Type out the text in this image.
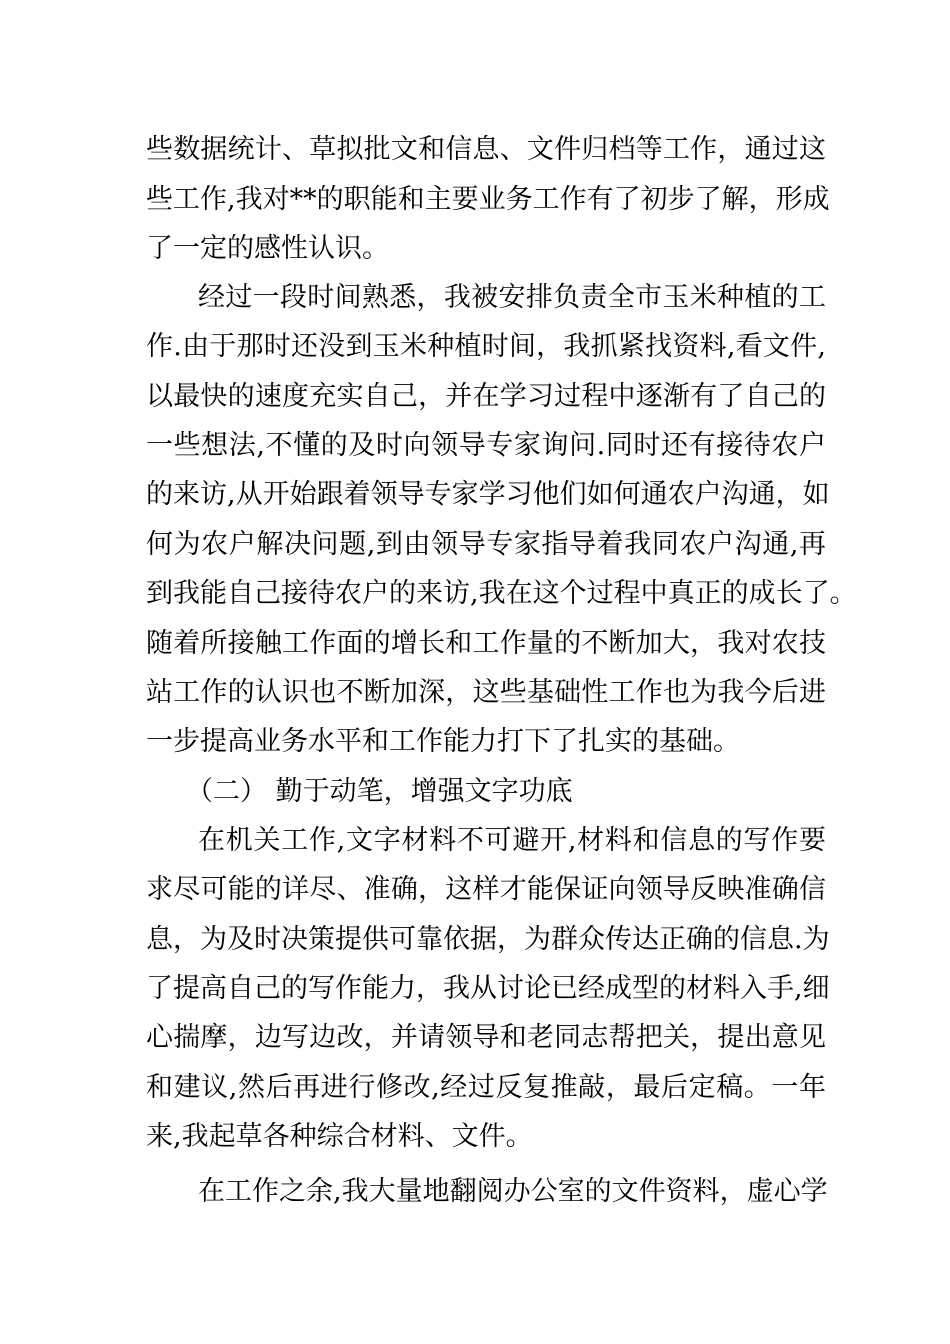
些数据统计、草拟批文和信息、文件归档等工作，通过这
些工作,我对**的职能和主要业务工作有了初步了解，形成
了一定的感性认识。
经过一段时间熟悉，我被安排负责全市玉米种植的工
作.由于那时还没到玉米种植时间，我抓紧找资料,看文件,
以最快的速度充实自己，并在学习过程中逐渐有了自己的
一些想法,不懂的及时向领导专家询问.同时还有接待农户
的来访,从开始跟着领导专家学习他们如何通农户沟通，如
何为农户解决问题,到由领导专家指导着我同农户沟通,再
到我能自己接待农户的来访,我在这个过程中真正的成长了。
随着所接触工作面的增长和工作量的不断加大，我对农技
站工作的认识也不断加深，这些基础性工作也为我今后进
一步提高业务水平和工作能力打下了扎实的基础。
（二） 勤于动笔，增强文字功底
在机关工作,文字材料不可避开,材料和信息的写作要
求尽可能的详尽、准确，这样才能保证向领导反映准确信
息，为及时决策提供可靠依据，为群众传达正确的信息.为
了提高自己的写作能力，我从讨论已经成型的材料入手,细
心揣摩，边写边改，并请领导和老同志帮把关，提出意见
和建议,然后再进行修改,经过反复推敲，最后定稿。一年
来,我起草各种综合材料、文件。
在工作之余,我大量地翻阅办公室的文件资料，虚心学
